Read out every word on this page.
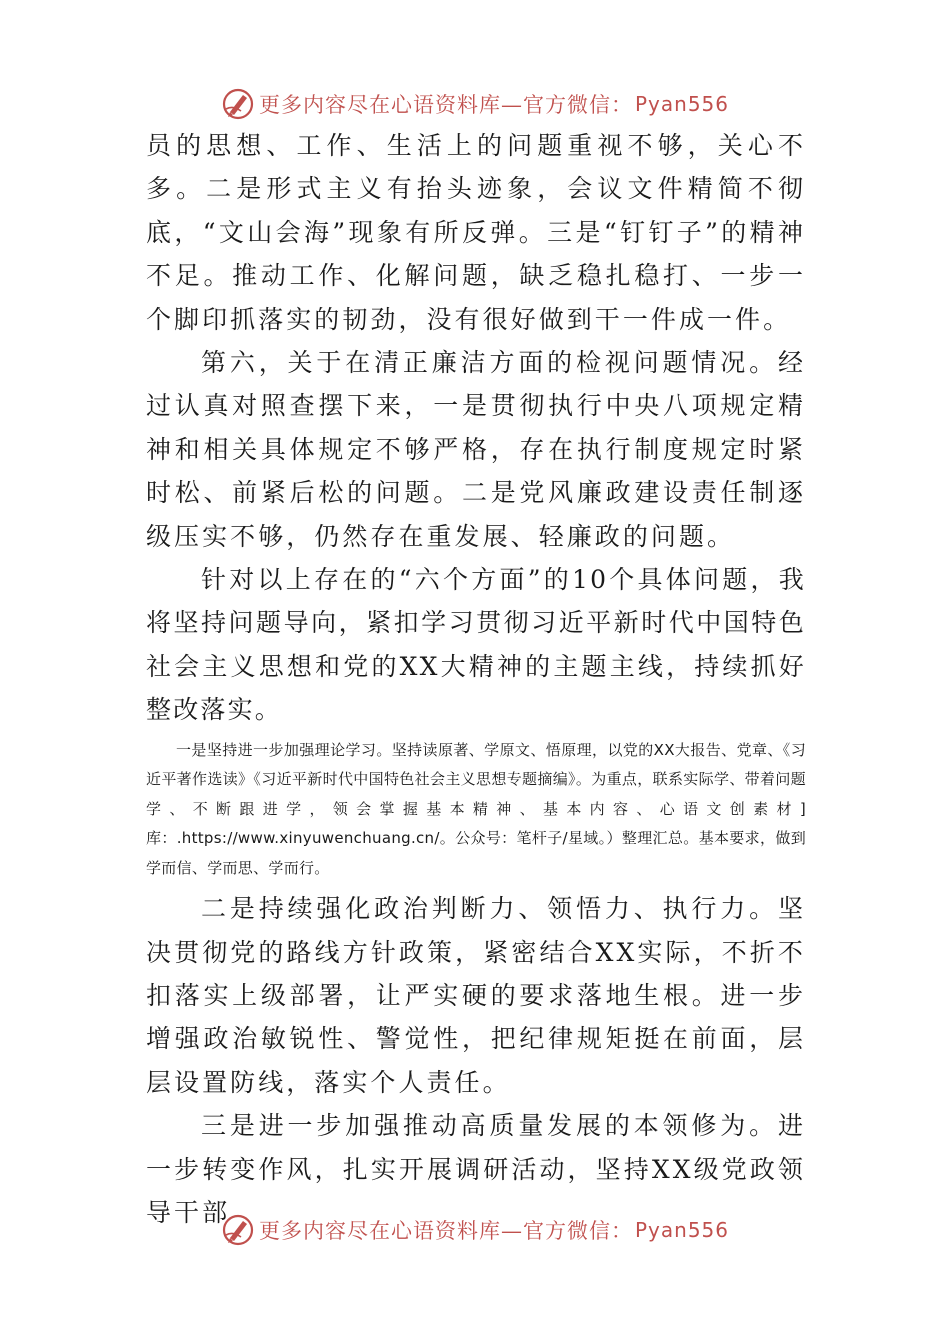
更多内容尽在心语资料库—官方微信： Pyan556

员的思想、工作、生活上的问题重视不够，关心不多。二是形式主义有抬头迹象，会议文件精简不彻底，“文山会海”现象有所反弹。三是“钉钉子”的精神不足。推动工作、化解问题，缺乏稳扎稳打、一步一个脚印抓落实的韧劲，没有很好做到干一件成一件。

第六，关于在清正廉洁方面的检视问题情况。经过认真对照查摆下来，一是贯彻执行中央八项规定精神和相关具体规定不够严格，存在执行制度规定时紧时松、前紧后松的问题。二是党风廉政建设责任制逐级压实不够，仍然存在重发展、轻廉政的问题。

针对以上存在的“六个方面”的10个具体问题，我将坚持问题导向，紧扣学习贯彻习近平新时代中国特色社会主义思想和党的XX大精神的主题主线，持续抓好整改落实。

一是坚持进一步加强理论学习。坚持读原著、学原文、悟原理，以党的XX大报告、党章、《习近平著作选读》《习近平新时代中国特色社会主义思想专题摘编》。为重点，联系实际学、带着问题学、不断跟进学，领会掌握基本精神、基本内容、心语文创素材]库：.https://www.xinyuwenchuang.cn/。公众号：笔杆子/星域。）整理汇总。基本要求，做到学而信、学而思、学而行。

二是持续强化政治判断力、领悟力、执行力。坚决贯彻党的路线方针政策，紧密结合XX实际，不折不扣落实上级部署，让严实硬的要求落地生根。进一步增强政治敏锐性、警觉性，把纪律规矩挺在前面，层层设置防线，落实个人责任。

三是进一步加强推动高质量发展的本领修为。进一步转变作风，扎实开展调研活动，坚持XX级党政领导干部

更多内容尽在心语资料库—官方微信： Pyan556
